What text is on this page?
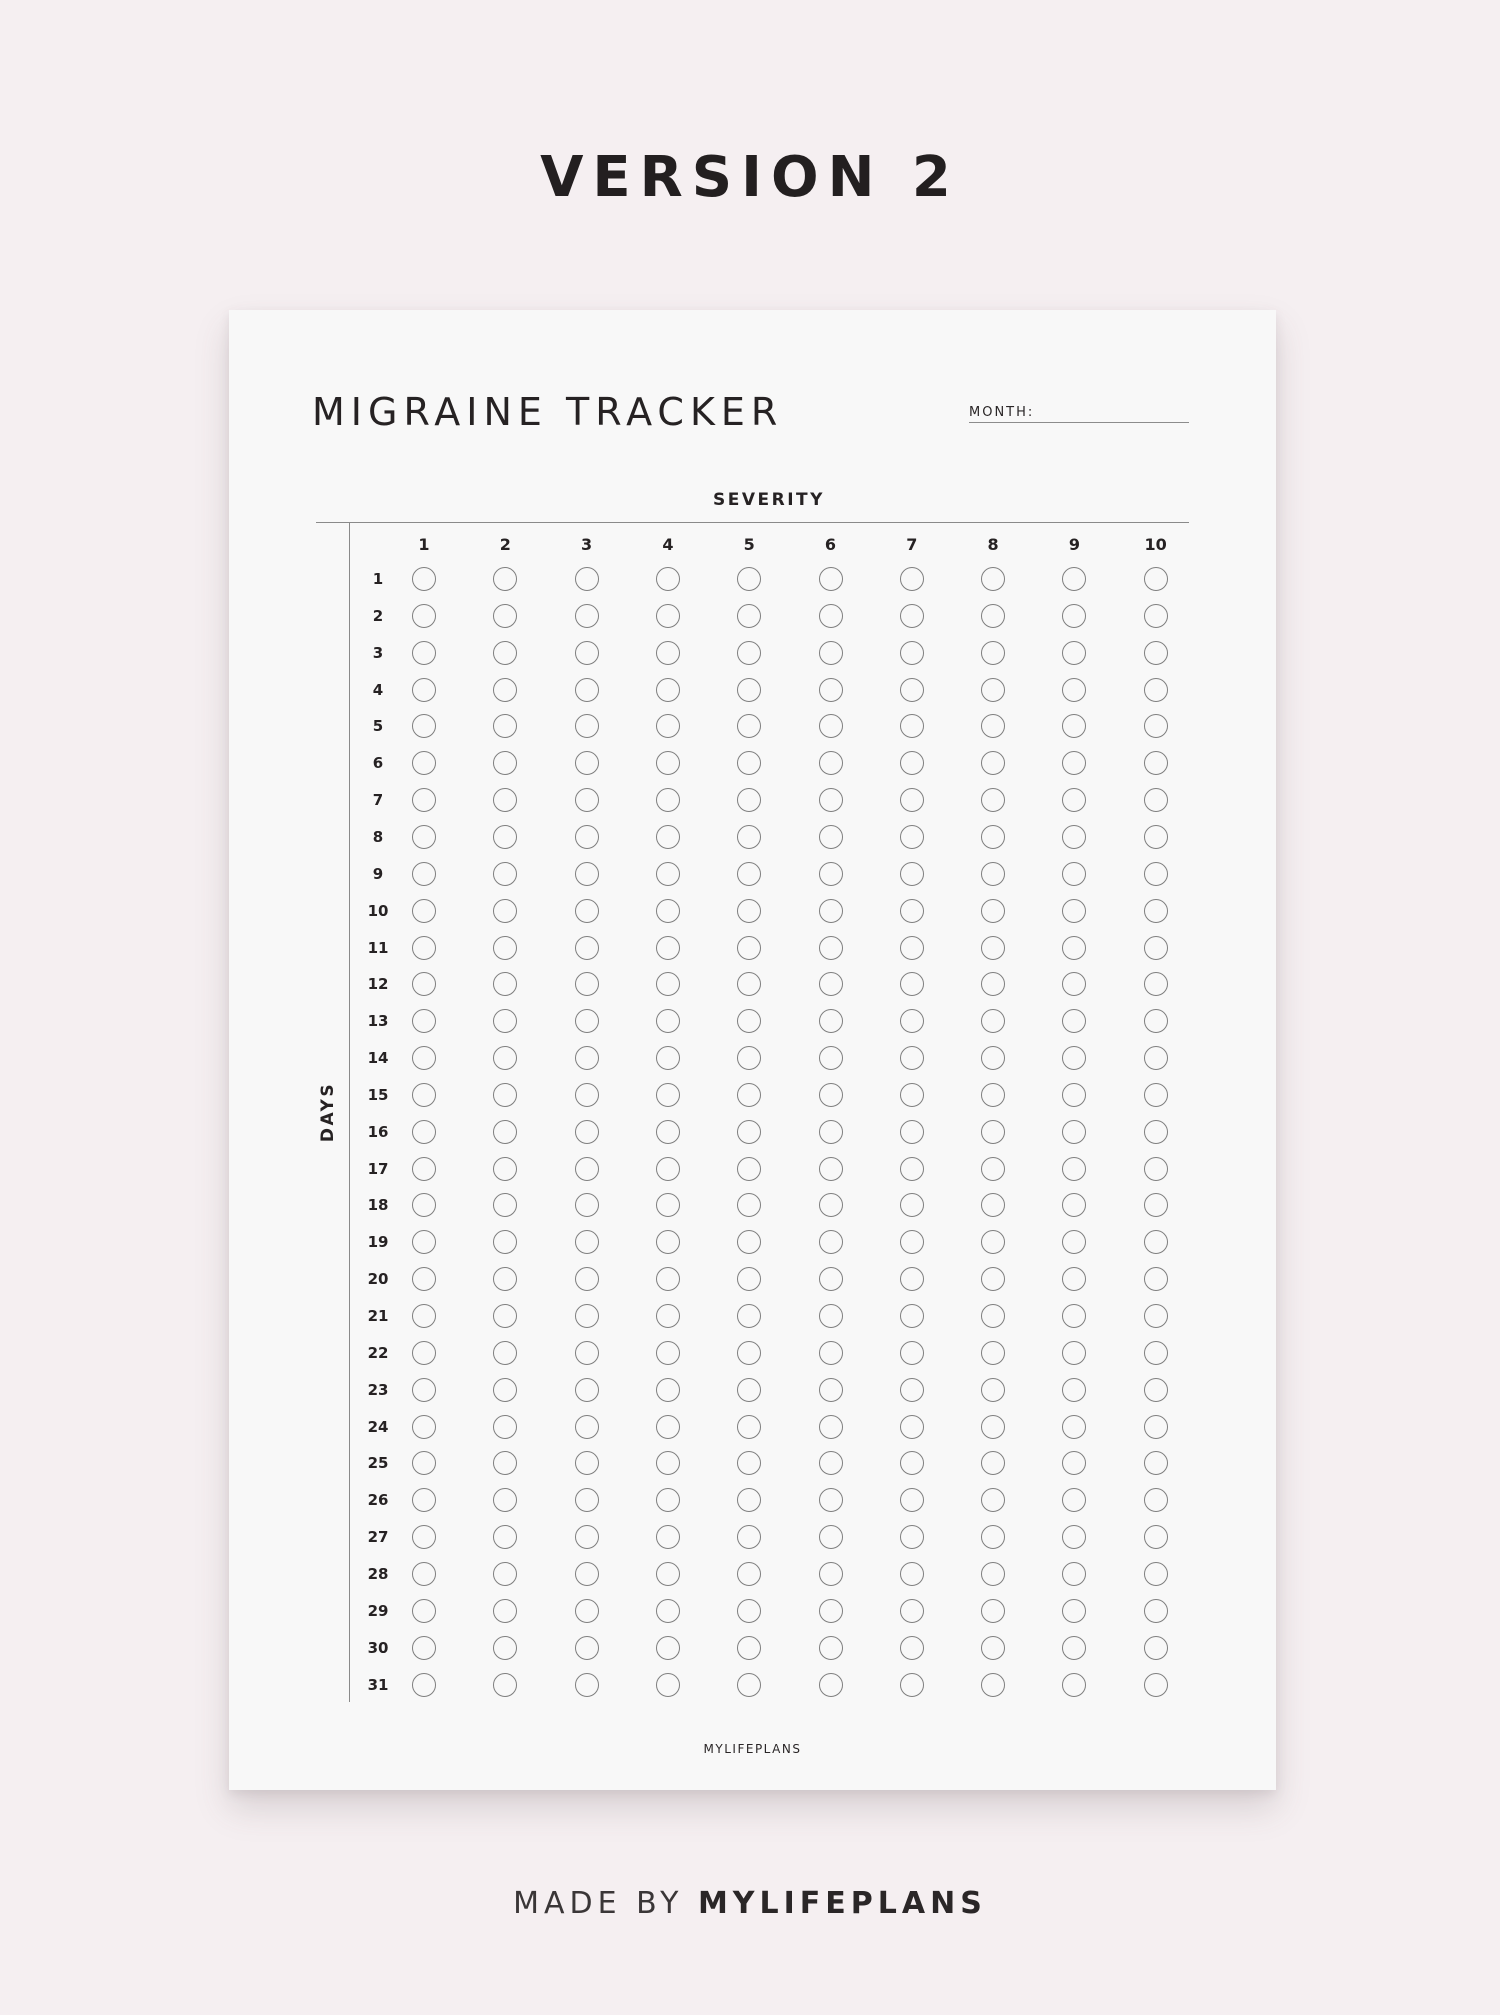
VERSION 2
MIGRAINE TRACKER	MONTH:
SEVERITY
DAYS
1	2	3	4	5	6	7	8	9	10
1
2
3
4
5
6
7
8
9
10
11
12
13
14
15
16
17
18
19
20
21
22
23
24
25
26
27
28
29
30
31
MYLIFEPLANS
MADE BY MYLIFEPLANS
